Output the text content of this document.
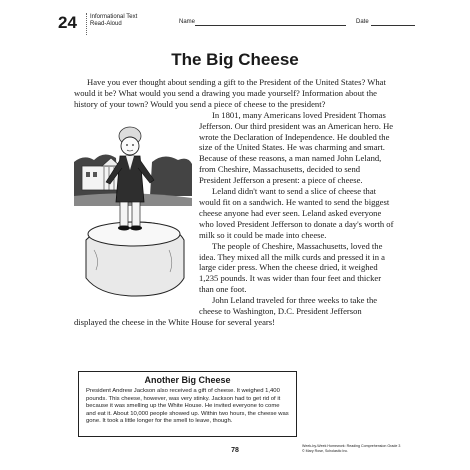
24 Informational Text
Read-Aloud	Name	Date
The Big Cheese

Have you ever thought about sending a gift to the President of the United States? What would it be? What would you send a drawing you made yourself? Information about the history of your town? Would you send a piece of cheese to the president?

In 1801, many Americans loved President Thomas Jefferson. Our third president was an American hero. He wrote the Declaration of Independence. He doubled the size of the United States. He was charming and smart. Because of these reasons, a man named John Leland, from Cheshire, Massachusetts, decided to send President Jefferson a present: a piece of cheese.

Leland didn't want to send a slice of cheese that would fit on a sandwich. He wanted to send the biggest cheese anyone had ever seen. Leland asked everyone who loved President Jefferson to donate a day's worth of milk so it could be made into cheese.

The people of Cheshire, Massachusetts, loved the idea. They mixed all the milk curds and pressed it in a large cider press. When the cheese dried, it weighed 1,235 pounds. It was wider than four feet and thicker than one foot.

John Leland traveled for three weeks to take the cheese to Washington, D.C. President Jefferson displayed the cheese in the White House for several years!

Another Big Cheese
President Andrew Jackson also received a gift of cheese. It weighed 1,400 pounds. This cheese, however, was very stinky. Jackson had to get rid of it because it was smelling up the White House. He invited everyone to come and eat it. About 10,000 people showed up. Within two hours, the cheese was gone. It took a little longer for the smell to leave, though.
78
Week-by-Week Homework: Reading Comprehension Grade 3
© Mary Rose, Scholastic Inc.
